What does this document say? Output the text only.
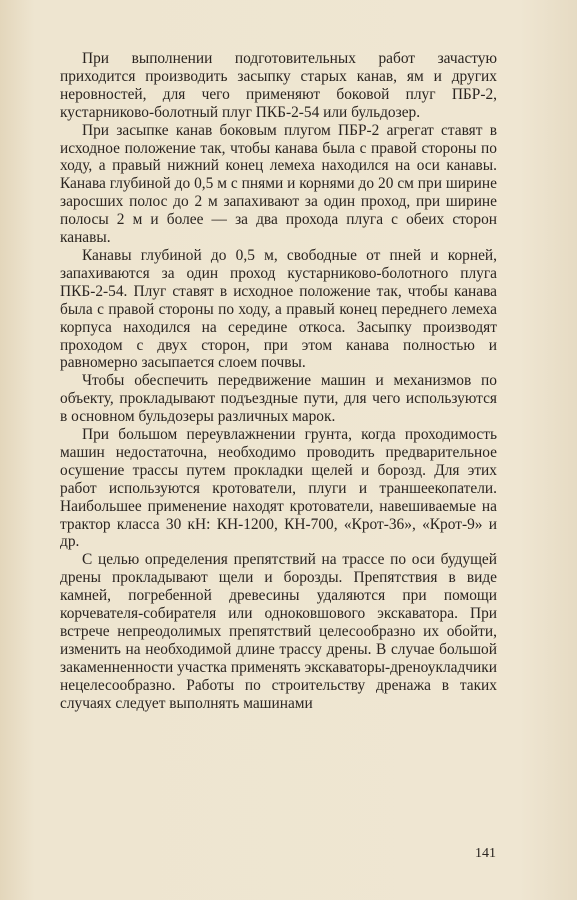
При выполнении подготовительных работ зачастую приходится производить засыпку старых канав, ям и других неровностей, для чего применяют боковой плуг ПБР-2, кустарниково-болотный плуг ПКБ-2-54 или бульдозер.

При засыпке канав боковым плугом ПБР-2 агрегат ставят в исходное положение так, чтобы канава была с правой стороны по ходу, а правый нижний конец лемеха находился на оси канавы. Канава глубиной до 0,5 м с пнями и корнями до 20 см при ширине заросших полос до 2 м запахивают за один проход, при ширине полосы 2 м и более — за два прохода плуга с обеих сторон канавы.

Канавы глубиной до 0,5 м, свободные от пней и корней, запахиваются за один проход кустарниково-болотного плуга ПКБ-2-54. Плуг ставят в исходное положение так, чтобы канава была с правой стороны по ходу, а правый конец переднего лемеха корпуса находился на середине откоса. Засыпку производят проходом с двух сторон, при этом канава полностью и равномерно засыпается слоем почвы.

Чтобы обеспечить передвижение машин и механизмов по объекту, прокладывают подъездные пути, для чего используются в основном бульдозеры различных марок.

При большом переувлажнении грунта, когда проходимость машин недостаточна, необходимо проводить предварительное осушение трассы путем прокладки щелей и борозд. Для этих работ используются кротователи, плуги и траншеекопатели. Наибольшее применение находят кротователи, навешиваемые на трактор класса 30 кН: КН-1200, КН-700, «Крот-36», «Крот-9» и др.

С целью определения препятствий на трассе по оси будущей дрены прокладывают щели и борозды. Препятствия в виде камней, погребенной древесины удаляются при помощи корчевателя-собирателя или одноковшового экскаватора. При встрече непреодолимых препятствий целесообразно их обойти, изменить на необходимой длине трассу дрены. В случае большой закаменненности участка применять экскаваторы-дреноукладчики нецелесообразно. Работы по строительству дренажа в таких случаях следует выполнять машинами

141
